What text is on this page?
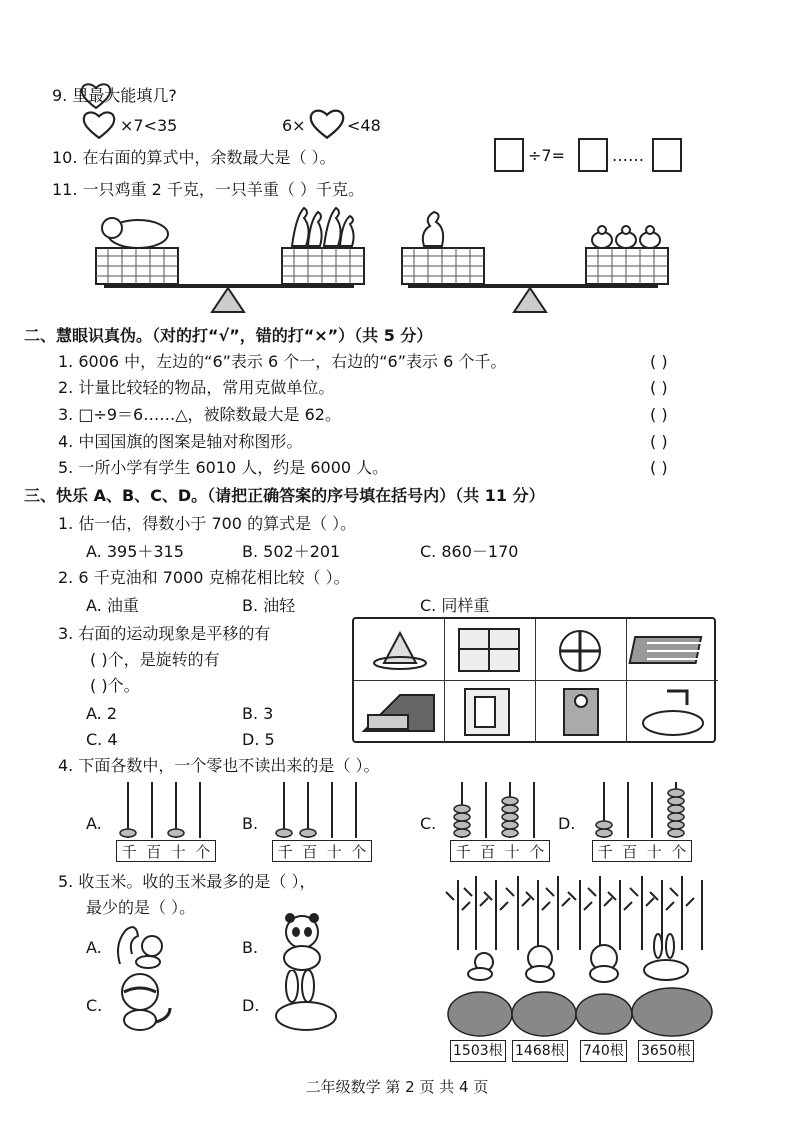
9. 里最大能填几?
×7<35	6×	<48
10. 在右面的算式中，余数最大是（ ）。	÷7=	……
11. 一只鸡重 2 千克，一只羊重（ ）千克。
二、慧眼识真伪。（对的打“√”，错的打“×”）（共 5 分）
1. 6006 中，左边的“6”表示 6 个一，右边的“6”表示 6 个千。	( )
2. 计量比较轻的物品，常用克做单位。	( )
3. □÷9＝6……△，被除数最大是 62。	( )
4. 中国国旗的图案是轴对称图形。	( )
5. 一所小学有学生 6010 人，约是 6000 人。	( )
三、快乐 A、B、C、D。（请把正确答案的序号填在括号内）（共 11 分）
1. 估一估，得数小于 700 的算式是（ ）。
A. 395＋315	B. 502＋201	C. 860－170
2. 6 千克油和 7000 克棉花相比较（ ）。
A. 油重	B. 油轻	C. 同样重
3. 右面的运动现象是平移的有
( )个，是旋转的有
( )个。
A. 2	B. 3
C. 4	D. 5
4. 下面各数中，一个零也不读出来的是（ ）。
A.
千 百 十 个
B.
千 百 十 个
C.
千 百 十 个
D.
千 百 十 个
5. 收玉米。收的玉米最多的是（ ），
最少的是（ ）。
A.	B.
C.	D.
1503根 1468根 740根 3650根
二年级数学 第 2 页 共 4 页
